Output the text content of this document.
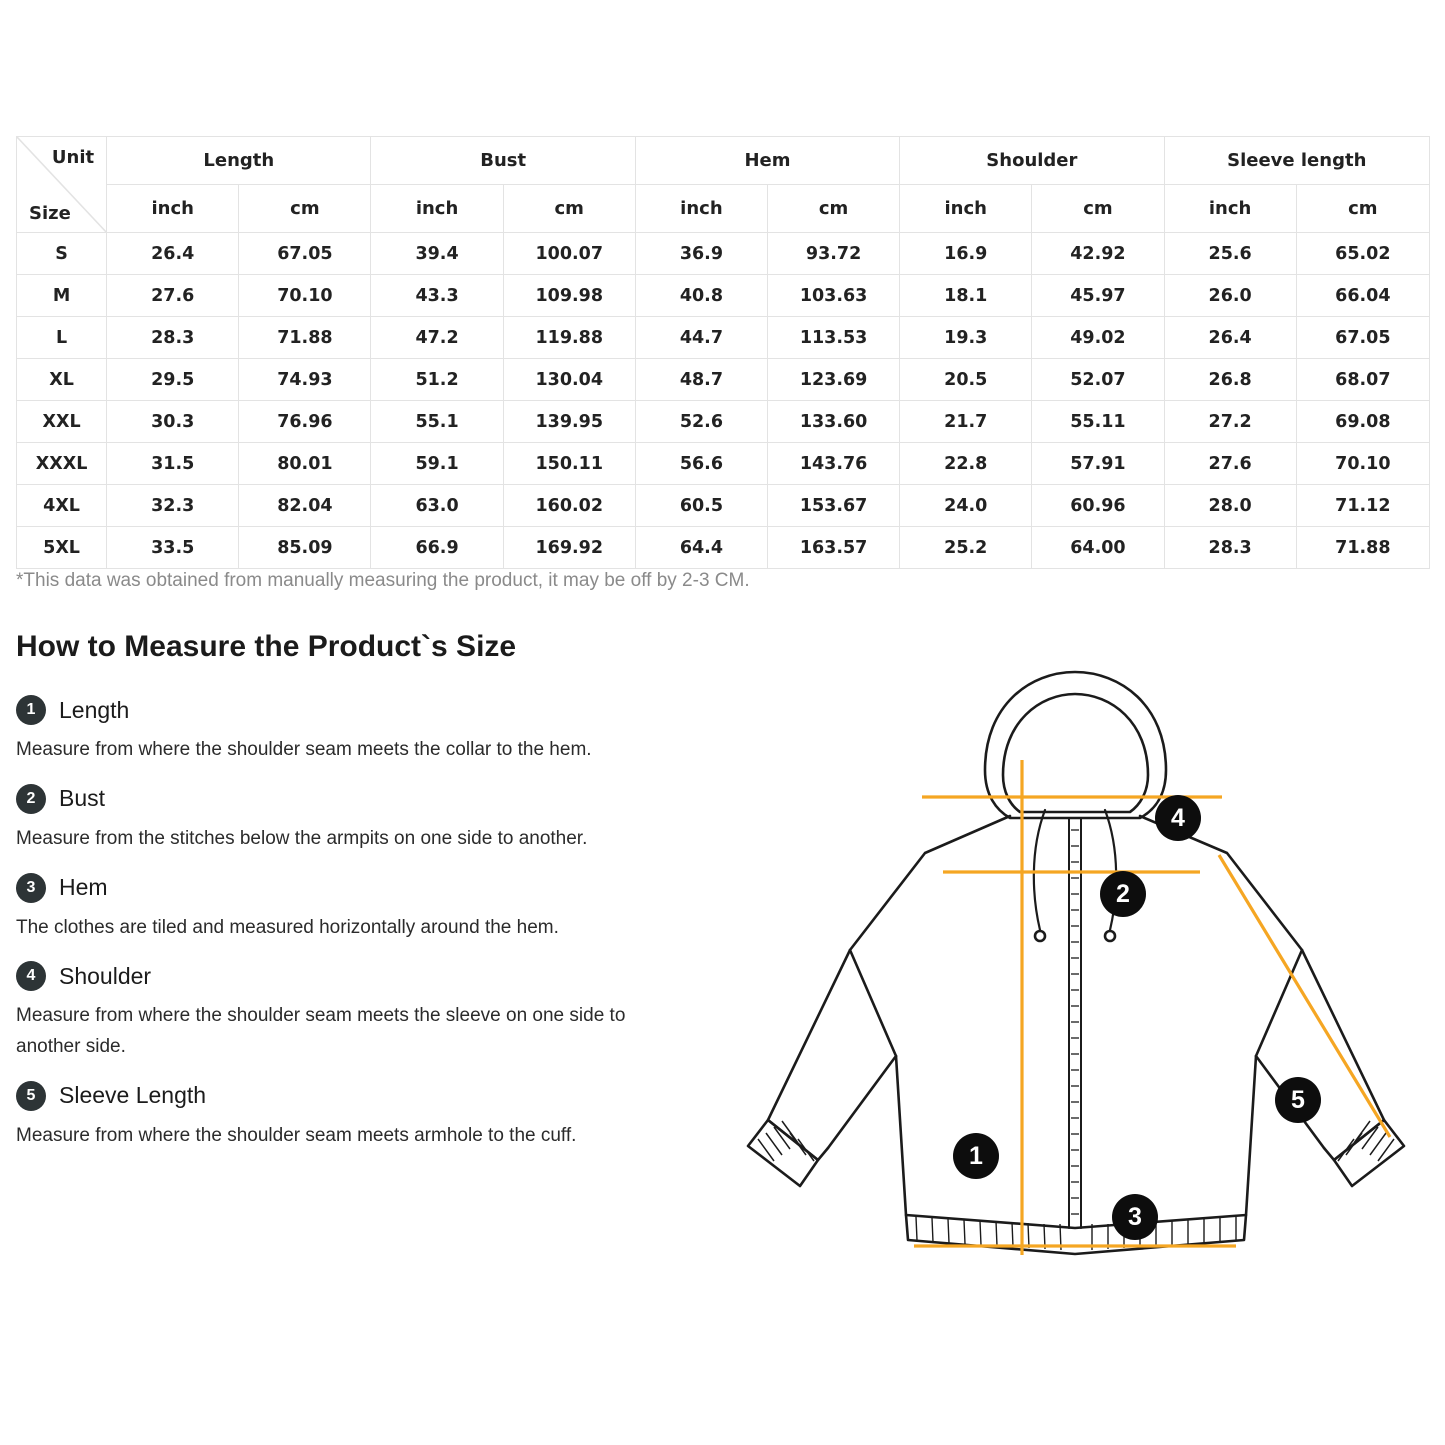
Unit
Size	Length		Bust		Hem		Shoulder		Sleeve length	
	inch	cm	inch	cm	inch	cm	inch	cm	inch	cm
S	26.4	67.05	39.4	100.07	36.9	93.72	16.9	42.92	25.6	65.02
M	27.6	70.10	43.3	109.98	40.8	103.63	18.1	45.97	26.0	66.04
L	28.3	71.88	47.2	119.88	44.7	113.53	19.3	49.02	26.4	67.05
XL	29.5	74.93	51.2	130.04	48.7	123.69	20.5	52.07	26.8	68.07
XXL	30.3	76.96	55.1	139.95	52.6	133.60	21.7	55.11	27.2	69.08
XXXL	31.5	80.01	59.1	150.11	56.6	143.76	22.8	57.91	27.6	70.10
4XL	32.3	82.04	63.0	160.02	60.5	153.67	24.0	60.96	28.0	71.12
5XL	33.5	85.09	66.9	169.92	64.4	163.57	25.2	64.00	28.3	71.88
*This data was obtained from manually measuring the product, it may be off by 2-3 CM.
How to Measure the Product`s Size
1	Length
Measure from where the shoulder seam meets the collar to the hem.
2	Bust
Measure from the stitches below the armpits on one side to another.
3	Hem
The clothes are tiled and measured horizontally around the hem.
4	Shoulder
Measure from where the shoulder seam meets the sleeve on one side to another side.
5	Sleeve Length
Measure from where the shoulder seam meets armhole to the cuff.
1
2
3
4
5
